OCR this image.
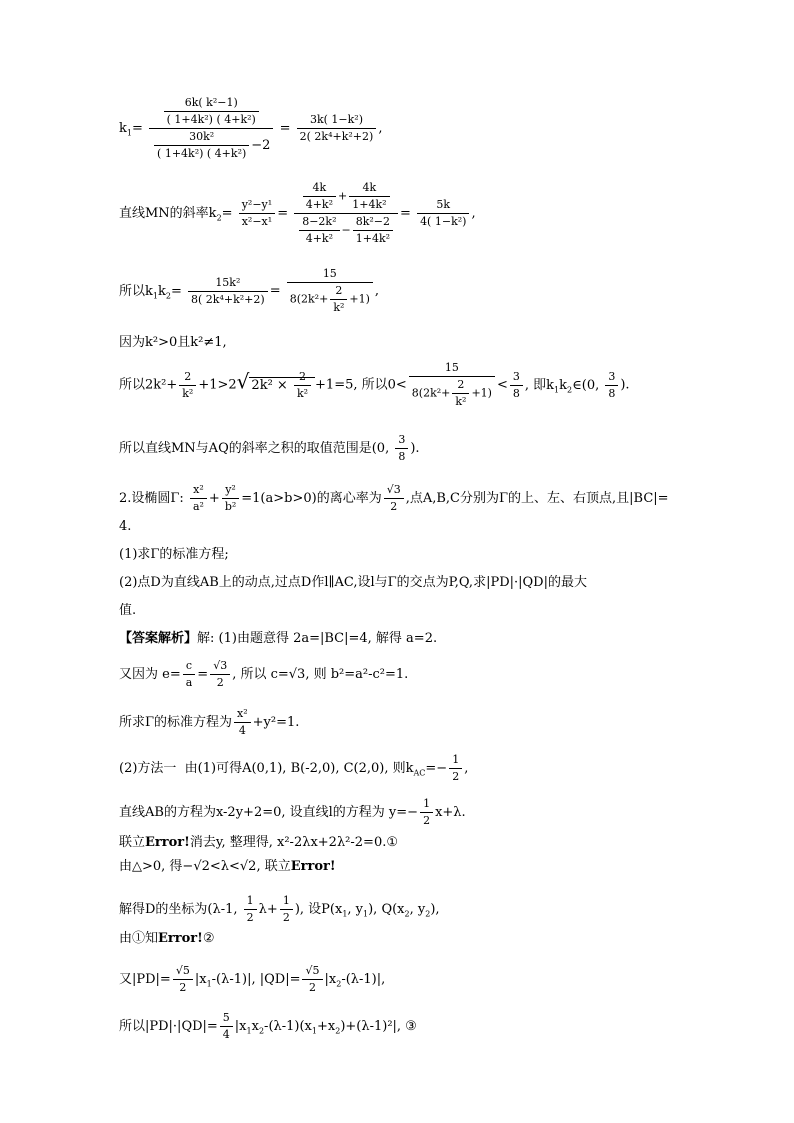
$k_1= \frac{\frac{\text{6k( k²−1)}}{\text{( 1+4k²) ( 4+k²)}}}{\frac{\text{30k²}}{\text{( 1+4k²) ( 4+k²)}} -2} = \frac{\text{3k( 1−k²)}}{\text{2( 2k⁴+k²+2)}}$ ,
直线MN的斜率$k_2= \frac{\text{y²−y¹}}{\text{x²−x¹}} = \frac{\frac{4k}{\text{4+k²}} + \frac{4k}{\text{1+4k²}}}{\frac{\text{8−2k²}}{\text{4+k²}} - \frac{\text{8k²−2}}{\text{1+4k²}}} = \frac{5k}{\text{4( 1−k²)}}$ ,
所以$k_1k_2= \frac{\text{15k²}}{\text{8( 2k⁴+k²+2)}} = \frac{15}{8(2k^2+ \frac{2}{\text{k²}} +1)}$ ,
因为k²>0且k²≠1,
所以$2k^2+ \frac{2}{\text{k²}} +1>2√$ $2k^2 \times \frac{2}{\text{k²}} +1=5$, 所以$0< \frac{15}{8(2k^2+ \frac{2}{\text{k²}} +1)} < \frac{3}{8}$ , 即$k_1k_2\in(0$, $\frac{3}{8}$ ).
所以直线MN与AQ的斜率之积的取值范围是(0, $\frac{3}{8}$ ).
2.设椭圆Γ: $\frac{\text{x²}}{\text{a²}} + \frac{\text{y²}}{\text{b²}} =1(a>b>0)$的离心率为 $\frac{√3}{2}$ ,点A,B,C分别为Γ的上、左、右顶点,且|BC|=
4.
(1)求Γ的标准方程;
(2)点D为直线AB上的动点,过点D作l∥AC,设l与Γ的交点为P,Q,求|PD|·|QD|的最大
值.
【答案解析】解: (1)由题意得 2a=|BC|=4, 解得 a=2.
又因为 $e= \frac{c}{a} = \frac{√3}{2}$ , 所以 c=√3, 则 b²=a²-c²=1.
所求Γ的标准方程为 $\frac{\text{x²}}{4} +y^2=1$.
(2)方法一  由(1)可得A(0,1), B(-2,0), C(2,0), 则$k_{AC}=- \frac{1}{2}$ ,
直线AB的方程为x-2y+2=0, 设直线l的方程为 $y=- \frac{1}{2} x+\lambda$.
联立Error!消去y, 整理得, x²-2λx+2λ²-2=0.①
由△>0, 得−√2<λ<√2, 联立Error!
解得D的坐标为(λ-1, $\frac{1}{2} \lambda+ \frac{1}{2}$ ), 设$P(x_1$, $y_1$), $Q(x_2$, $y_2$),
由①知Error!②
又$|PD|= \frac{√5}{2} |x_1-(\lambda-1)|$, $|QD|= \frac{√5}{2} |x_2-(\lambda-1)|$,
所以$|PD|\cdot|QD|= \frac{5}{4} |x_1x_2-(\lambda-1)(x_1+x_2)+(\lambda-1)^2|$, ③
